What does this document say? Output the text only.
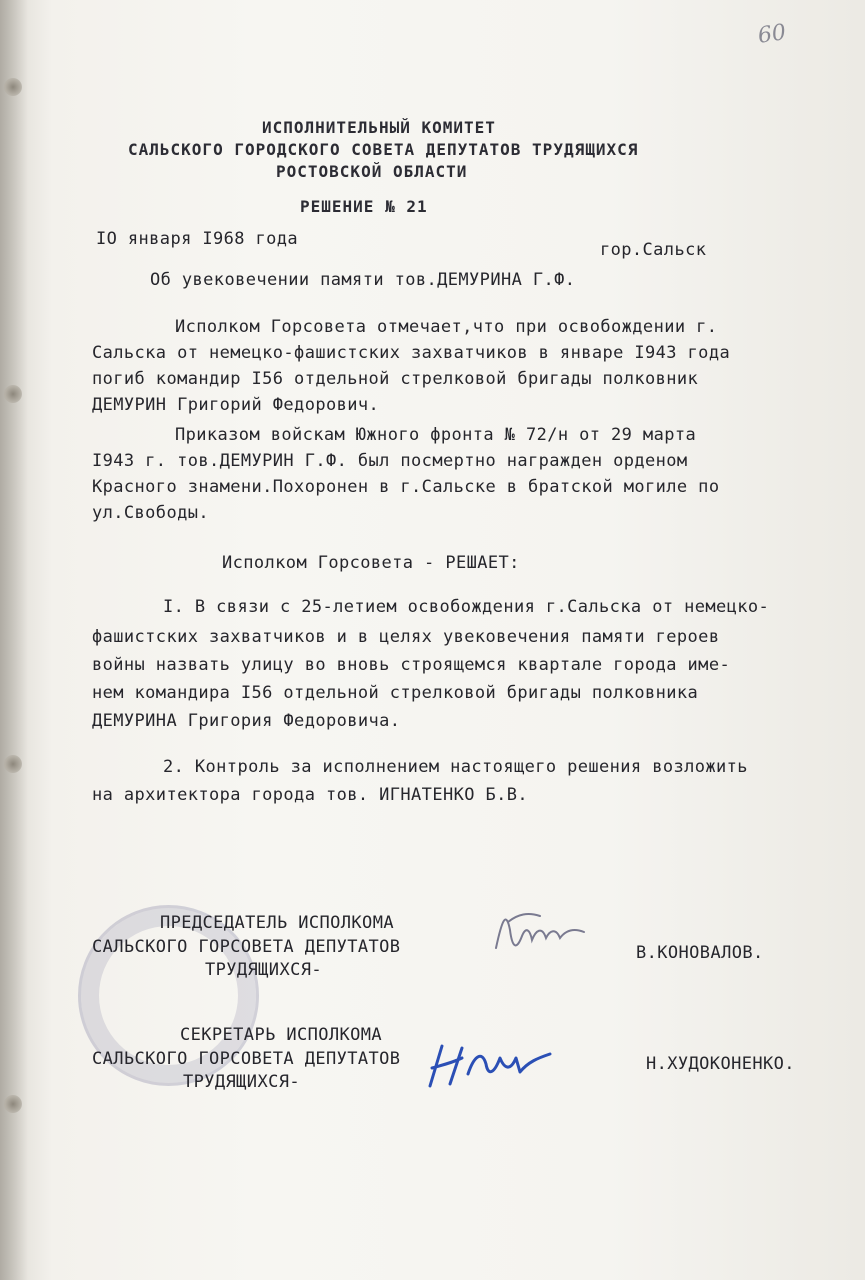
60
ИСПОЛНИТЕЛЬНЫЙ КОМИТЕТ
САЛЬСКОГО ГОРОДСКОГО СОВЕТА ДЕПУТАТОВ ТРУДЯЩИХСЯ
РОСТОВСКОЙ ОБЛАСТИ
РЕШЕНИЕ № 21
IO января I968 года
гор.Сальск
Об увековечении памяти тов.ДЕМУРИНА Г.Ф.
Исполком Горсовета отмечает,что при освобождении г.
Сальска от немецко-фашистских захватчиков в январе I943 года
погиб командир I56 отдельной стрелковой бригады полковник
ДЕМУРИН Григорий Федорович.
Приказом войскам Южного фронта № 72/н от 29 марта
I943 г. тов.ДЕМУРИН Г.Ф. был посмертно награжден орденом
Красного знамени.Похоронен в г.Сальске в братской могиле по
ул.Свободы.
Исполком Горсовета - РЕШАЕТ:
I. В связи с 25-летием освобождения г.Сальска от немецко-
фашистских захватчиков и в целях увековечения памяти героев
войны назвать улицу во вновь строящемся квартале города име-
нем командира I56 отдельной стрелковой бригады полковника
ДЕМУРИНА Григория Федоровича.
2. Контроль за исполнением настоящего решения возложить
на архитектора города тов. ИГНАТЕНКО Б.В.
ПРЕДСЕДАТЕЛЬ ИСПОЛКОМА
САЛЬСКОГО ГОРСОВЕТА ДЕПУТАТОВ
ТРУДЯЩИХСЯ-
В.КОНОВАЛОВ.
СЕКРЕТАРЬ ИСПОЛКОМА
САЛЬСКОГО ГОРСОВЕТА ДЕПУТАТОВ
ТРУДЯЩИХСЯ-
Н.ХУДОКОНЕНКО.
